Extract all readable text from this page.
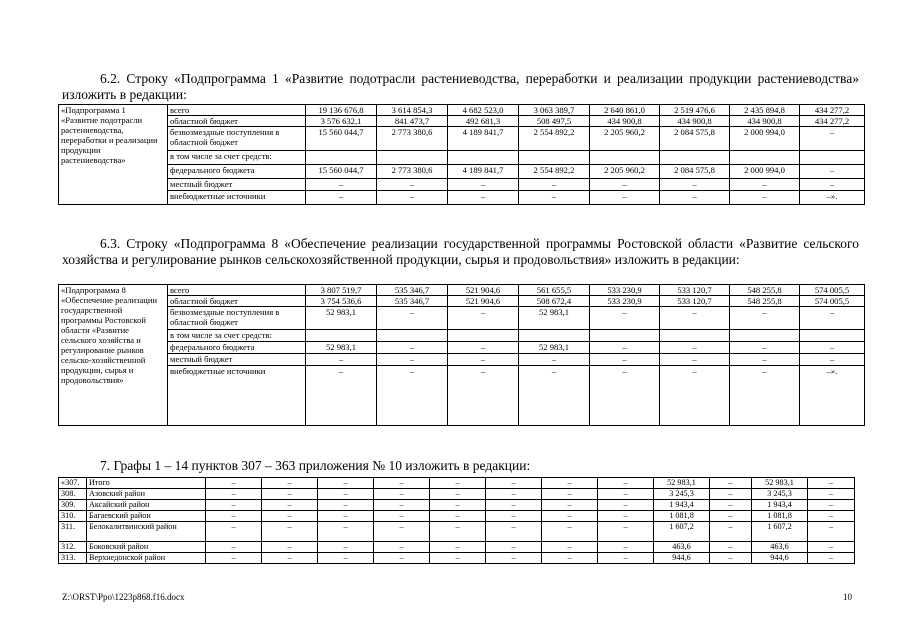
6.2. Строку «Подпрограмма 1 «Развитие подотрасли растениеводства, переработки и реализации продукции растениеводства» изложить в редакции:

«Подпрограмма 1 «Развитие подотрасли растениеводства, переработки и реализации продукции растениеводства»	всего	19 136 676,8	3 614 854,3	4 682 523,0	3 063 389,7	2 640 861,0	2 519 476,6	2 435 894,8	434 277,2
	областной бюджет	3 576 632,1	841 473,7	492 681,3	508 497,5	434 900,8	434 900,8	434 900,8	434 277,2
	безвозмездные поступления в областной бюджет	15 560 044,7	2 773 380,6	4 189 841,7	2 554 892,2	2 205 960,2	2 084 575,8	2 000 994,0	–
	в том числе за счет средств:								
	федерального бюджета	15 560 044,7	2 773 380,6	4 189 841,7	2 554 892,2	2 205 960,2	2 084 575,8	2 000 994,0	–
	местный бюджет	–	–	–	–	–	–	–	–
	внебюджетные источники	–	–	–	–	–	–	–	–».

6.3. Строку «Подпрограмма 8 «Обеспечение реализации государственной программы Ростовской области «Развитие сельского хозяйства и регулирование рынков сельскохозяйственной продукции, сырья и продовольствия» изложить в редакции:

«Подпрограмма 8 «Обеспечение реализации государственной программы Ростовской области «Развитие сельского хозяйства и регулирование рынков сельско-хозяйственной продукции, сырья и продовольствия»	всего	3 807 519,7	535 346,7	521 904,6	561 655,5	533 230,9	533 120,7	548 255,8	574 005,5
	областной бюджет	3 754 536,6	535 346,7	521 904,6	508 672,4	533 230,9	533 120,7	548 255,8	574 005,5
	безвозмездные поступления в областной бюджет	52 983,1	–	–	52 983,1	–	–	–	–
	в том числе за счет средств:								
	федерального бюджета	52 983,1	–	–	52 983,1	–	–	–	–
	местный бюджет	–	–	–	–	–	–	–	–
	внебюджетные источники	–	–	–	–	–	–	–	–».

7. Графы 1 – 14 пунктов 307 – 363 приложения № 10 изложить в редакции:

«307.	Итого	–	–	–	–	–	–	–	–	52 983,1	–	52 983,1	–
308.	Азовский район	–	–	–	–	–	–	–	–	3 245,3	–	3 245,3	–
309.	Аксайский район	–	–	–	–	–	–	–	–	1 943,4	–	1 943,4	–
310.	Багаевский район	–	–	–	–	–	–	–	–	1 081,8	–	1 081,8	–
311.	Белокалитвинский район	–	–	–	–	–	–	–	–	1 607,2	–	1 607,2	–
312.	Боковский район	–	–	–	–	–	–	–	–	463,6	–	463,6	–
313.	Верхнедонской район	–	–	–	–	–	–	–	–	944,6	–	944,6	–
Z:\ORST\Ppo\1223p868.f16.docx	10
